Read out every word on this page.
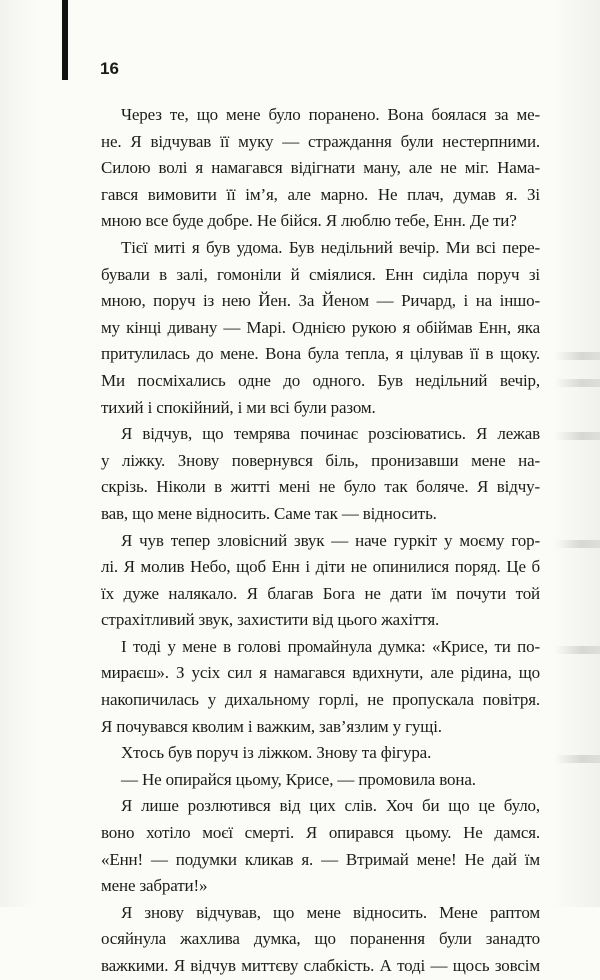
16

Через те, що мене було поранено. Вона боялася за ме-

не. Я відчував її муку — страждання були нестерпними.

Силою волі я намагався відігнати ману, але не міг. Нама-

гався вимовити її ім’я, але марно. Не плач, думав я. Зі

мною все буде добре. Не бійся. Я люблю тебе, Енн. Де ти?

Тієї миті я був удома. Був недільний вечір. Ми всі пере-

бували в залі, гомоніли й сміялися. Енн сиділа поруч зі

мною, поруч із нею Йен. За Йеном — Ричард, і на іншо-

му кінці дивану — Марі. Однією рукою я обіймав Енн, яка

притулилась до мене. Вона була тепла, я цілував її в щоку.

Ми посміхались одне до одного. Був недільний вечір,

тихий і спокійний, і ми всі були разом.

Я відчув, що темрява починає розсіюватись. Я лежав

у ліжку. Знову повернувся біль, пронизавши мене на-

скрізь. Ніколи в житті мені не було так боляче. Я відчу-

вав, що мене відносить. Саме так — відносить.

Я чув тепер зловісний звук — наче гуркіт у моєму гор-

лі. Я молив Небо, щоб Енн і діти не опинилися поряд. Це б

їх дуже налякало. Я благав Бога не дати їм почути той

страхітливий звук, захистити від цього жахіття.

І тоді у мене в голові промайнула думка: «Крисе, ти по-

мираєш». З усіх сил я намагався вдихнути, але рідина, що

накопичилась у дихальному горлі, не пропускала повітря.

Я почувався кволим і важким, зав’язлим у гущі.

Хтось був поруч із ліжком. Знову та фігура.

— Не опирайся цьому, Крисе, — промовила вона.

Я лише розлютився від цих слів. Хоч би що це було,

воно хотіло моєї смерті. Я опирався цьому. Не дамся.

«Енн! — подумки кликав я. — Втримай мене! Не дай їм

мене забрати!»

Я знову відчував, що мене відносить. Мене раптом

осяйнула жахлива думка, що поранення були занадто

важкими. Я відчув миттєву слабкість. А тоді — щось зовсім
